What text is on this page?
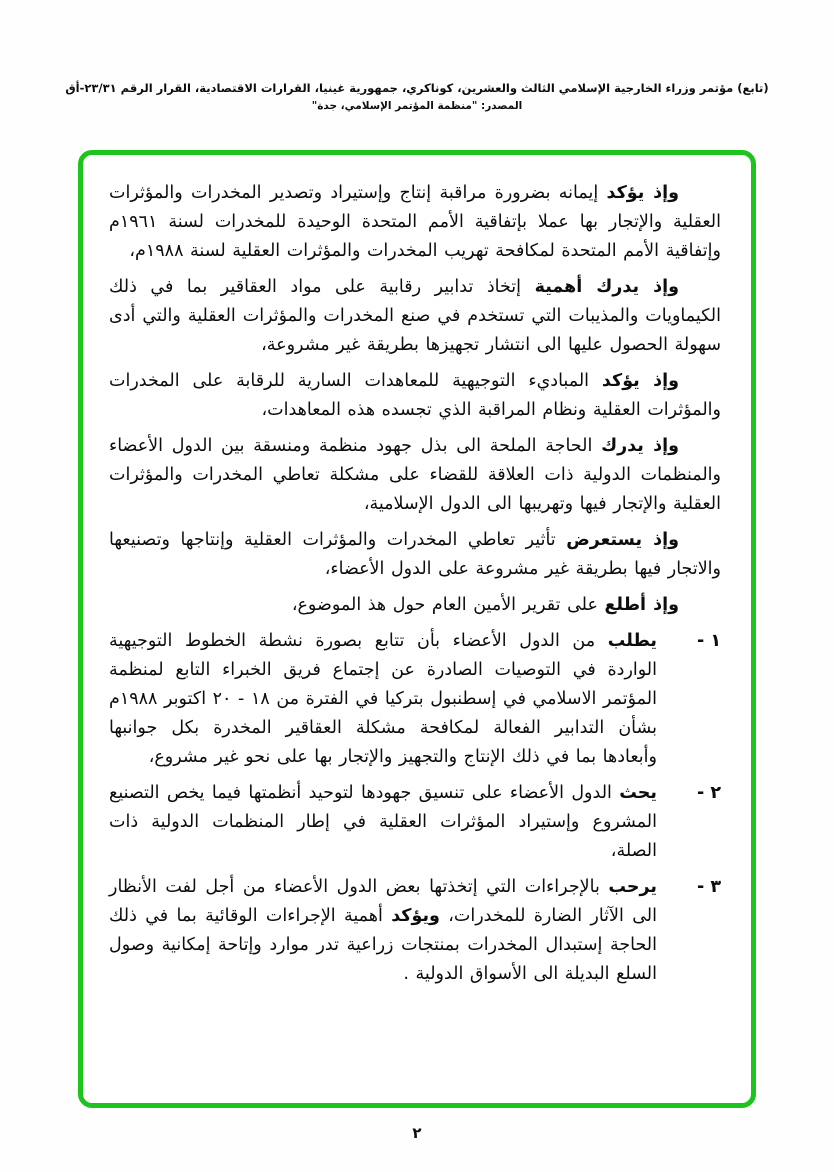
(تابع) مؤتمر وزراء الخارجية الإسلامي الثالث والعشرين، كوناكري، جمهورية غينيا، القرارات الاقتصادية، القرار الرقم ٢٣/٣١-أق
المصدر: "منظمة المؤتمر الإسلامي، جدة"

وإذ يؤكد إيمانه بضرورة مراقبة إنتاج وإستيراد وتصدير المخدرات والمؤثرات العقلية والإتجار بها عملا بإتفاقية الأمم المتحدة الوحيدة للمخدرات لسنة ١٩٦١م وإتفاقية الأمم المتحدة لمكافحة تهريب المخدرات والمؤثرات العقلية لسنة ١٩٨٨م،

وإذ يدرك أهمية إتخاذ تدابير رقابية على مواد العقاقير بما في ذلك الكيماويات والمذيبات التي تستخدم في صنع المخدرات والمؤثرات العقلية والتي أدى سهولة الحصول عليها الى انتشار تجهيزها بطريقة غير مشروعة،

وإذ يؤكد المباديء التوجيهية للمعاهدات السارية للرقابة على المخدرات والمؤثرات العقلية ونظام المراقبة الذي تجسده هذه المعاهدات،

وإذ يدرك الحاجة الملحة الى بذل جهود منظمة ومنسقة بين الدول الأعضاء والمنظمات الدولية ذات العلاقة للقضاء على مشكلة تعاطي المخدرات والمؤثرات العقلية والإتجار فيها وتهريبها الى الدول الإسلامية،

وإذ يستعرض تأثير تعاطي المخدرات والمؤثرات العقلية وإنتاجها وتصنيعها والاتجار فيها بطريقة غير مشروعة على الدول الأعضاء،

وإذ أطلع على تقرير الأمين العام حول هذ الموضوع،

١ -
يطلب من الدول الأعضاء بأن تتابع بصورة نشطة الخطوط التوجيهية الواردة في التوصيات الصادرة عن إجتماع فريق الخبراء التابع لمنظمة المؤتمر الاسلامي في إسطنبول بتركيا في الفترة من ١٨ - ٢٠ اكتوبر ١٩٨٨م بشأن التدابير الفعالة لمكافحة مشكلة العقاقير المخدرة بكل جوانبها وأبعادها بما في ذلك الإنتاج والتجهيز والإتجار بها على نحو غير مشروع،
٢ -
يحث الدول الأعضاء على تنسيق جهودها لتوحيد أنظمتها فيما يخص التصنيع المشروع وإستيراد المؤثرات العقلية في إطار المنظمات الدولية ذات الصلة،
٣ -
يرحب بالإجراءات التي إتخذتها بعض الدول الأعضاء من أجل لفت الأنظار الى الآثار الضارة للمخدرات، ويؤكد أهمية الإجراءات الوقائية بما في ذلك الحاجة إستبدال المخدرات بمنتجات زراعية تدر موارد وإتاحة إمكانية وصول السلع البديلة الى الأسواق الدولية .
٢
